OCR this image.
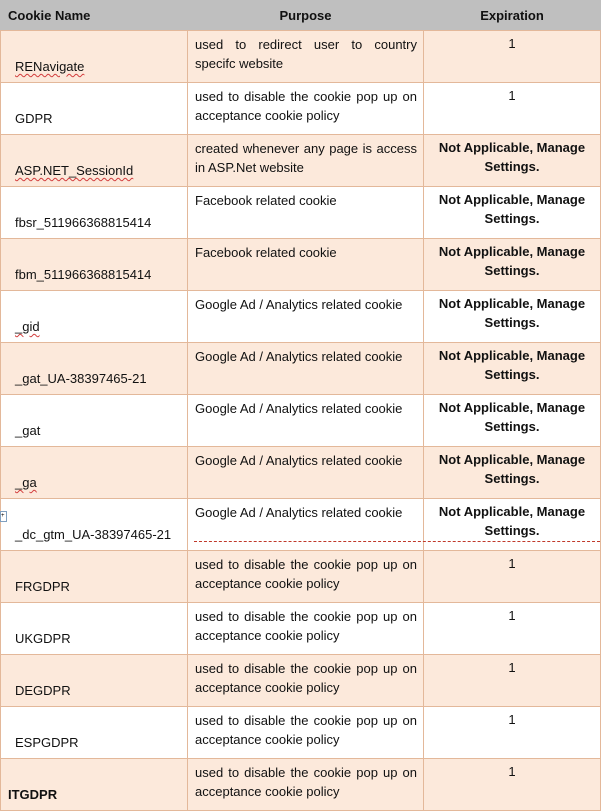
Cookie Name	Purpose	Expiration
RENavigate	used to redirect user to country specifc website	1
GDPR	used to disable the cookie pop up on acceptance cookie policy	1
ASP.NET_SessionId	created whenever any page is access in ASP.Net website	Not Applicable, Manage Settings.
fbsr_511966368815414	Facebook related cookie	Not Applicable, Manage Settings.
fbm_511966368815414	Facebook related cookie	Not Applicable, Manage Settings.
_gid	Google Ad / Analytics related cookie	Not Applicable, Manage Settings.
_gat_UA-38397465-21	Google Ad / Analytics related cookie	Not Applicable, Manage Settings.
_gat	Google Ad / Analytics related cookie	Not Applicable, Manage Settings.
_ga	Google Ad / Analytics related cookie	Not Applicable, Manage Settings.
_dc_gtm_UA-38397465-21	Google Ad / Analytics related cookie	Not Applicable, Manage Settings.
FRGDPR	used to disable the cookie pop up on acceptance cookie policy	1
UKGDPR	used to disable the cookie pop up on acceptance cookie policy	1
DEGDPR	used to disable the cookie pop up on acceptance cookie policy	1
ESPGDPR	used to disable the cookie pop up on acceptance cookie policy	1
ITGDPR	used to disable the cookie pop up on acceptance cookie policy	1
+
